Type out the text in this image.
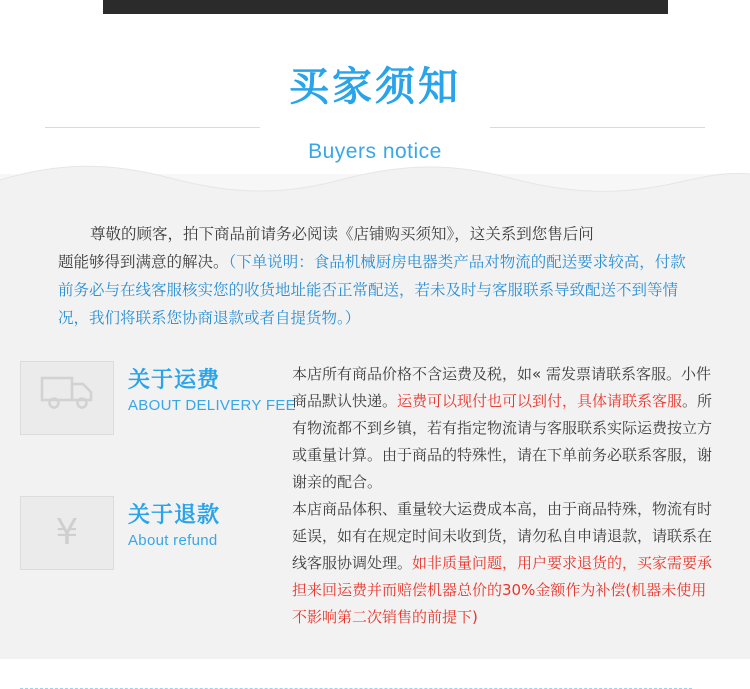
买家须知
Buyers notice
尊敬的顾客，拍下商品前请务必阅读《店铺购买须知》，这关系到您售后问
题能够得到满意的解决。（下单说明：食品机械厨房电器类产品对物流的配送要求较高，付款前务必与在线客服核实您的收货地址能否正常配送，若未及时与客服联系导致配送不到等情况，我们将联系您协商退款或者自提货物。）
关于运费
ABOUT DELIVERY FEE
本店所有商品价格不含运费及税，如« 需发票请联系客服。小件商品默认快递。运费可以现付也可以到付，具体请联系客服。所有物流都不到乡镇，若有指定物流请与客服联系实际运费按立方或重量计算。由于商品的特殊性，请在下单前务必联系客服，谢谢亲的配合。
¥	关于退款
About refund
本店商品体积、重量较大运费成本高，由于商品特殊，物流有时延误，如有在规定时间未收到货，请勿私自申请退款，请联系在线客服协调处理。如非质量问题，用户要求退货的，买家需要承担来回运费并而赔偿机器总价的30%金额作为补偿(机器未使用不影响第二次销售的前提下)
